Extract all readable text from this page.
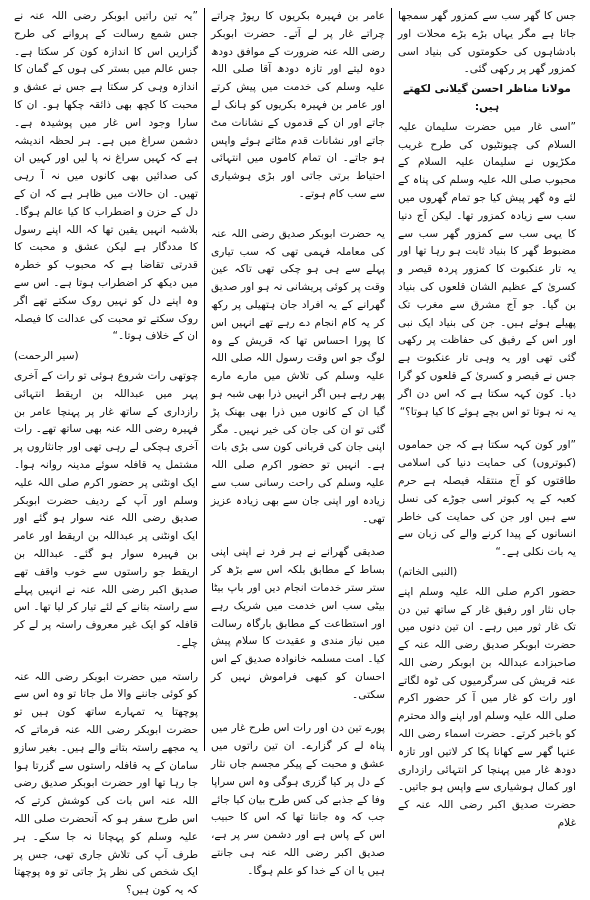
جس کا گھر سب سے کمزور گھر سمجھا جاتا ہے مگر یہاں بڑے بڑے محلات اور بادشاہوں کی حکومتوں کی بنیاد اسی کمزور گھر پر رکھی گئی۔

مولانا مناظر احسن گیلانی لکھتے ہیں:

”اسی غار میں حضرت سلیمان علیہ السلام کی چیونٹیوں کی طرح غریب مکڑیوں نے سلیمان علیہ السلام کے محبوب صلی اللہ علیہ وسلم کی پناہ کے لئے وہ گھر پیش کیا جو تمام گھروں میں سب سے زیادہ کمزور تھا۔ لیکن آج دنیا کا یہی سب سے کمزور گھر سب سے مضبوط گھر کا بنیاد ثابت ہو رہا تھا اور یہ تار عنکبوت کا کمزور پردہ قیصر و کسریٰ کے عظیم الشان قلعوں کی بنیاد بن گیا۔ جو آج مشرق سے مغرب تک پھیلے ہوئے ہیں۔ جن کی بنیاد ایک نبی اور اس کے رفیق کی حفاظت پر رکھی گئی تھی اور یہ وہی تار عنکبوت ہے جس نے قیصر و کسریٰ کے قلعوں کو گرا دیا۔ کون کہہ سکتا ہے کہ اس دن اگر یہ نہ ہوتا تو اس بچے ہوئے کا کیا ہوتا؟“

”اور کون کہہ سکتا ہے کہ جن حماموں (کبوتروں) کی حمایت دنیا کی اسلامی طاقتوں کو آج منتقلہ فیصلہ ہے حرم کعبہ کے یہ کبوتر اسی جوڑے کی نسل سے ہیں اور جن کی حمایت کی خاطر انسانوں کے پیدا کرنے والے کی زبان سے یہ بات نکلی ہے۔“

(النبی الخاتم)

حضور اکرم صلی اللہ علیہ وسلم اپنے جاں نثار اور رفیق غار کے ساتھ تین دن تک غار ثور میں رہے۔ ان تین دنوں میں حضرت ابوبکر صدیق رضی اللہ عنہ کے صاحبزادے عبداللہ بن ابوبکر رضی اللہ عنہ قریش کی سرگرمیوں کی ٹوہ لگاتے اور رات کو غار میں آ کر حضور اکرم صلی اللہ علیہ وسلم اور اپنے والد محترم کو باخبر کرتے۔ حضرت اسماء رضی اللہ عنہا گھر سے کھانا پکا کر لاتیں اور تازہ دودھ غار میں پہنچا کر انتہائی رازداری اور کمال ہوشیاری سے واپس ہو جاتیں۔ حضرت صدیق اکبر رضی اللہ عنہ کے غلام

عامر بن فہیرہ بکریوں کا ریوڑ چراتے چراتے غار پر لے آتے۔ حضرت ابوبکر رضی اللہ عنہ ضرورت کے موافق دودھ دوہ لیتے اور تازہ دودھ آقا صلی اللہ علیہ وسلم کی خدمت میں پیش کرتے اور عامر بن فہیرہ بکریوں کو ہانک لے جاتے اور ان کے قدموں کے نشانات مٹ جاتے اور نشانات قدم مٹاتے ہوئے واپس ہو جاتے۔ ان تمام کاموں میں انتہائی احتیاط برتی جاتی اور بڑی ہوشیاری سے سب کام ہوتے۔

یہ حضرت ابوبکر صدیق رضی اللہ عنہ کی معاملہ فہمی تھی کہ سب تیاری پہلے سے ہی ہو چکی تھی تاکہ عین وقت پر کوئی پریشانی نہ ہو اور صدیق گھرانے کے یہ افراد جان ہتھیلی پر رکھ کر یہ کام انجام دے رہے تھے انہیں اس کا پورا احساس تھا کہ قریش کے وہ لوگ جو اس وقت رسول اللہ صلی اللہ علیہ وسلم کی تلاش میں مارے مارے پھر رہے ہیں اگر انہیں ذرا بھی شبہ ہو گیا ان کے کانوں میں ذرا بھی بھنک پڑ گئی تو ان کی جان کی خیر نہیں۔ مگر اپنی جان کی قربانی کون سی بڑی بات ہے۔ انہیں تو حضور اکرم صلی اللہ علیہ وسلم کی راحت رسانی سب سے زیادہ اور اپنی جان سے بھی زیادہ عزیز تھی۔

صدیقی گھرانے نے ہر فرد نے اپنی اپنی بساط کے مطابق بلکہ اس سے بڑھ کر ستر ستر خدمات انجام دیں اور باپ بیٹا بیٹی سب اس خدمت میں شریک رہے اور استطاعت کے مطابق بارگاہ رسالت میں نیاز مندی و عقیدت کا سلام پیش کیا۔ امت مسلمہ خانوادہ صدیق کے اس احسان کو کبھی فراموش نہیں کر سکتی۔

پورے تین دن اور رات اس طرح غار میں پناہ لے کر گزارے۔ ان تین راتوں میں عشق و محبت کے پیکر مجسم جاں نثار کے دل پر کیا گزری ہوگی وہ اس سراپا وفا کے جذبے کی کس طرح بیان کیا جائے جب کہ وہ جانتا تھا کہ اس کا حبیب اس کے پاس ہے اور دشمن سر پر ہے، صدیق اکبر رضی اللہ عنہ ہی جانتے ہیں یا ان کے خدا کو علم ہوگا۔

”یہ تین راتیں ابوبکر رضی اللہ عنہ نے جس شمع رسالت کے پروانے کی طرح گزاریں اس کا اندازہ کون کر سکتا ہے۔ جس عالم میں بستر کی ہوں کے گمان کا اندازہ وہی کر سکتا ہے جس نے عشق و محبت کا کچھ بھی ذائقہ چکھا ہو۔ ان کا سارا وجود اس غار میں پوشیدہ ہے۔ دشمن سراغ میں ہے۔ ہر لحظہ اندیشہ ہے کہ کہیں سراغ نہ پا لیں اور کہیں ان کی صدائیں بھی کانوں میں نہ آ رہی تھیں۔ ان حالات میں ظاہر ہے کہ ان کے دل کے حزن و اضطراب کا کیا عالم ہوگا۔ بلاشبہ انہیں یقین تھا کہ اللہ اپنے رسول کا مددگار ہے لیکن عشق و محبت کا قدرتی تقاضا ہے کہ محبوب کو خطرہ میں دیکھ کر اضطراب ہوتا ہے۔ اس سے وہ اپنے دل کو نہیں روک سکتے تھے اگر روک سکتے تو محبت کی عدالت کا فیصلہ ان کے خلاف ہوتا۔“

(سیر الرحمت)

چوتھی رات شروع ہوئی تو رات کے آخری پہر میں عبداللہ بن اریقط انتہائی رازداری کے ساتھ غار پر پہنچا عامر بن فہیرہ رضی اللہ عنہ بھی ساتھ تھے۔ رات آخری ہچکی لے رہی تھی اور جانثاروں پر مشتمل یہ قافلہ سوئے مدینہ روانہ ہوا۔ ایک اونٹنی پر حضور اکرم صلی اللہ علیہ وسلم اور آپ کے ردیف حضرت ابوبکر صدیق رضی اللہ عنہ سوار ہو گئے اور ایک اونٹنی پر عبداللہ بن اریقط اور عامر بن فہیرہ سوار ہو گئے۔ عبداللہ بن اریقط جو راستوں سے خوب واقف تھے صدیق اکبر رضی اللہ عنہ نے انہیں پہلے سے راستہ بتانے کے لئے تیار کر لیا تھا۔ اس قافلہ کو ایک غیر معروف راستہ پر لے کر چلے۔

راستہ میں حضرت ابوبکر رضی اللہ عنہ کو کوئی جاننے والا مل جاتا تو وہ اس سے پوچھتا یہ تمہارے ساتھ کون ہیں تو حضرت ابوبکر رضی اللہ عنہ فرماتے کہ یہ مجھے راستہ بتانے والے ہیں۔ بغیر سازو سامان کے یہ قافلہ راستوں سے گزرتا ہوا جا رہا تھا اور حضرت ابوبکر صدیق رضی اللہ عنہ اس بات کی کوشش کرتے کہ اس طرح سفر ہو کہ آنحضرت صلی اللہ علیہ وسلم کو پہچانا نہ جا سکے۔ ہر طرف آپ کی تلاش جاری تھی، جس پر ایک شخص کی نظر پڑ جاتی تو وہ پوچھتا کہ یہ کون ہیں؟
